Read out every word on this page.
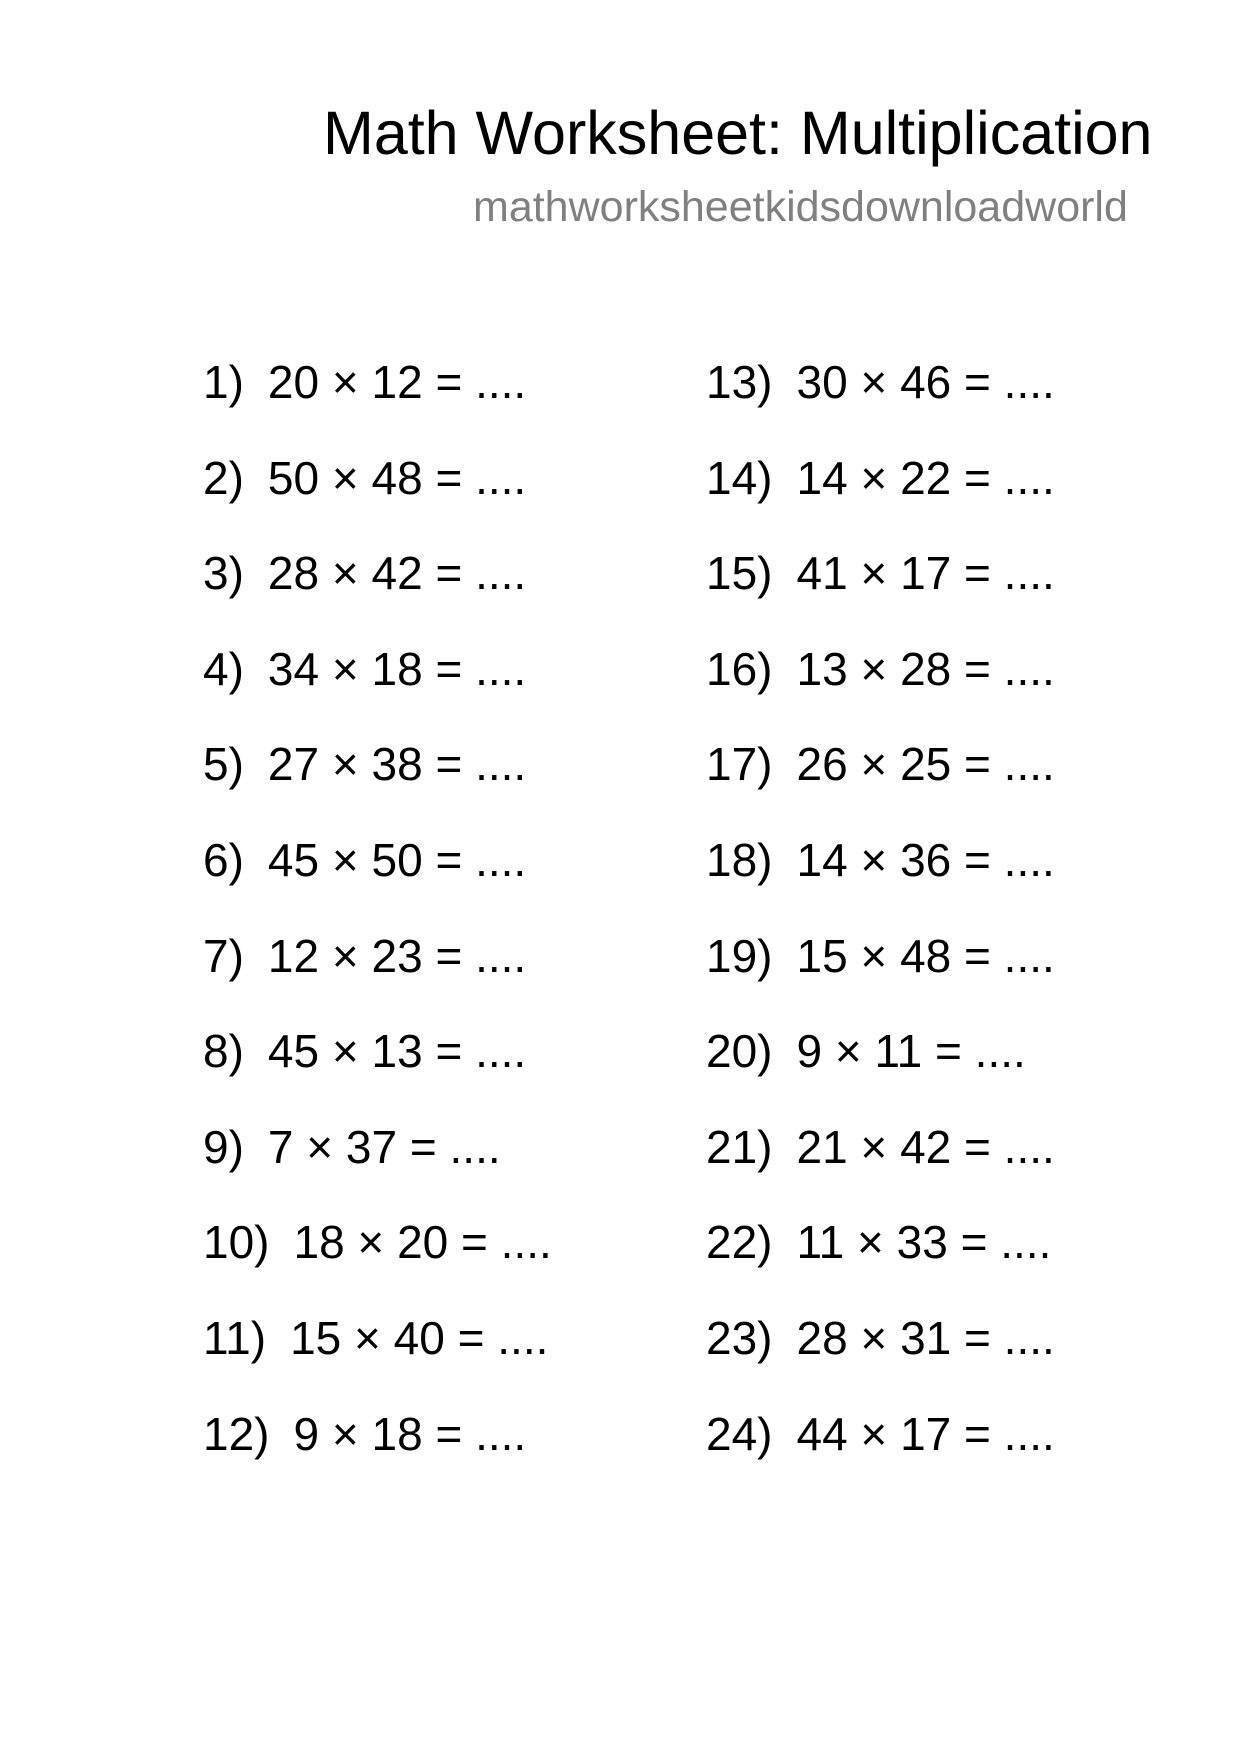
Math Worksheet: Multiplication
mathworksheetkidsdownloadworld
1) 20 × 12 = ....
2) 50 × 48 = ....
3) 28 × 42 = ....
4) 34 × 18 = ....
5) 27 × 38 = ....
6) 45 × 50 = ....
7) 12 × 23 = ....
8) 45 × 13 = ....
9) 7 × 37 = ....
10) 18 × 20 = ....
11) 15 × 40 = ....
12) 9 × 18 = ....
13) 30 × 46 = ....
14) 14 × 22 = ....
15) 41 × 17 = ....
16) 13 × 28 = ....
17) 26 × 25 = ....
18) 14 × 36 = ....
19) 15 × 48 = ....
20) 9 × 11 = ....
21) 21 × 42 = ....
22) 11 × 33 = ....
23) 28 × 31 = ....
24) 44 × 17 = ....
